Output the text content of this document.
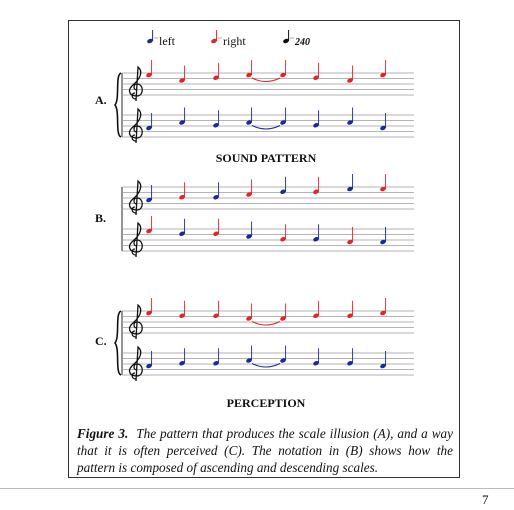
left	right	240
A.
SOUND PATTERN
B.
C.
PERCEPTION
Figure 3. The pattern that produces the scale illusion (A), and a way that it is often perceived (C). The notation in (B) shows how the pattern is composed of ascending and descending scales.
7
